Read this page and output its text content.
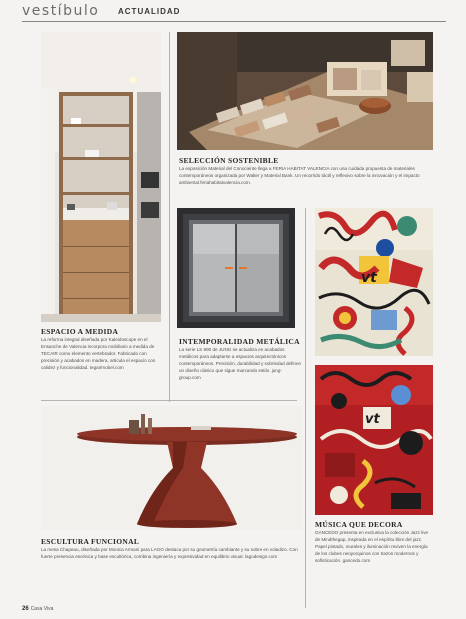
vestíbulo ACTUALIDAD
SELECCIÓN SOSTENIBLE
La exposición Material del Conociente llega a FERIA HABITAT VALENCIA con una cuidada propuesta de materiales contemporáneos organizada por Walter y Material Bank. Un recorrido táctil y reflexivo sobre la innovación y el impacto ambiental.feriahabitatvalencia.com.
ESPACIO A MEDIDA
La reforma integral diseñada por Kaleidoscope en el Ensanche de Valencia incorpora mobiliario a medida de TECAIR como elemento vertebrador. Fabricado con precisión y acabados en madera, articula el espacio con calidez y funcionalidad. tegairmobel.com
INTEMPORALIDAD METÁLICA
La serie LS 990 de JUNG se actualiza en acabados metálicos para adaptarse a espacios arquitectónicos contemporáneos. Precisión, durabilidad y sobriedad definen un diseño clásico que sigue marcando estilo. jung-group.com
vt
vt
MÚSICA QUE DECORA
GANCEDO presenta en exclusiva la colección Jazz live de Mindthegap, inspirada en el espíritu libre del jazz. Papel pintado, murales y iluminación reviven la energía de los clubes neoyorquinos con trazos modernos y sofisticación. gancedo.com
ESCULTURA FUNCIONAL
La mesa Chapeau, diseñada por Monica Armani para LAGO destaca por su geometría cambiante y su sobre en voladizo. Con fuerte presencia escénica y base escultórica, combina ingeniería y expresividad en equilibrio visual. lagodesign.com
26 Casa Viva
